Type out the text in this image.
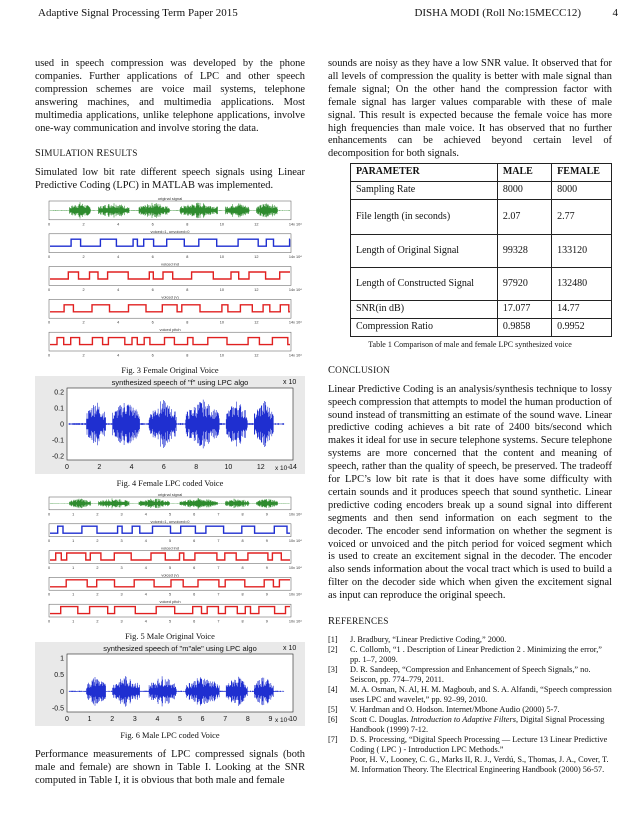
Adaptive Signal Processing Term Paper 2015	DISHA MODI (Roll No:15MECC12)	4

used in speech compression was developed by the phone companies. Further applications of LPC and other speech compression schemes are voice mail systems, telephone answering machines, and multimedia applications. Most multimedia applications, unlike telephone applications, involve one-way communication and involve storing the data.

SIMULATION RESULTS

Simulated low bit rate different speech signals using Linear Predictive Coding (LPC) in MATLAB was implemented.

original signal
0	2	4	6	8	10	12	14 x 10⁴
voiced=1, unvoiced=0
0	2	4	6	8	10	12	14 x 10⁴
voiced ind
0	2	4	6	8	10	12	14 x 10⁴
voiced (v)
0	2	4	6	8	10	12	14 x 10⁴
voiced pitch
0	2	4	6	8	10	12	14 x 10⁴
Fig. 3 Female Original Voice
synthesized speech of "f" using LPC algo	x 10
0.2
0.1
0
-0.1
-0.2
0	2	4	6	8	10	12	14
x 10⁴
Fig. 4 Female LPC coded Voice
original signal
0	1	2	3	4	5	6	7	8	9	10 x 10⁴
voiced=1, unvoiced=0
0	1	2	3	4	5	6	7	8	9	10 x 10⁴
voiced ind
0	1	2	3	4	5	6	7	8	9	10 x 10⁴
voiced (v)
0	1	2	3	4	5	6	7	8	9	10 x 10⁴
voiced pitch
0	1	2	3	4	5	6	7	8	9	10 x 10⁴
Fig. 5 Male Original Voice
synthesized speech of "m"ale" using LPC algo	x 10
1
0.5
0
-0.5
0	1	2	3	4	5	6	7	8	9 10
x 10⁴
Fig. 6 Male LPC coded Voice

Performance measurements of LPC compressed signals (both male and female) are shown in Table I. Looking at the SNR computed in Table I, it is obvious that both male and female

sounds are noisy as they have a low SNR value. It observed that for all levels of compression the quality is better with male signal than female signal; On the other hand the compression factor with female signal has larger values comparable with these of male signal. This result is expected because the female voice has more high frequencies than male voice. It has observed that no further enhancements can be achieved beyond certain level of decomposition for both signals.

PARAMETER	MALE	FEMALE
Sampling Rate	8000	8000
File length (in seconds)	2.07	2.77
Length of Original Signal	99328	133120
Length of Constructed Signal	97920	132480
SNR(in dB)	17.077	14.77
Compression Ratio	0.9858	0.9952
Table 1 Comparison of male and female LPC synthesized voice
CONCLUSION

Linear Predictive Coding is an analysis/synthesis technique to lossy speech compression that attempts to model the human production of sound instead of transmitting an estimate of the sound wave. Linear predictive coding achieves a bit rate of 2400 bits/second which makes it ideal for use in secure telephone systems. Secure telephone systems are more concerned that the content and meaning of speech, rather than the quality of speech, be preserved. The tradeoff for LPC’s low bit rate is that it does have some difficulty with certain sounds and it produces speech that sound synthetic. Linear predictive coding encoders break up a sound signal into different segments and then send information on each segment to the decoder. The encoder send information on whether the segment is voiced or unvoiced and the pitch period for voiced segment which is used to create an excitement signal in the decoder. The encoder also sends information about the vocal tract which is used to build a filter on the decoder side which when given the excitement signal as input can reproduce the original speech.

REFERENCES
[1]	J. Bradbury, “Linear Predictive Coding,” 2000.
[2]	C. Collomb, “1 . Description of Linear Prediction 2 . Minimizing the error,” pp. 1–7, 2009.
[3]	D. R. Sandeep, “Compression and Enhancement of Speech Signals,” no. Seiscon, pp. 774–779, 2011.
[4]	M. A. Osman, N. Al, H. M. Magboub, and S. A. Alfandi, “Speech compression uses LPC and wavelet,” pp. 92–99, 2010.
[5]	V. Hardman and O. Hodson. Internet/Mbone Audio (2000) 5-7.
[6]	Scott C. Douglas. Introduction to Adaptive Filters, Digital Signal Processing Handbook (1999) 7-12.
[7]	D. S. Processing, “Digital Speech Processing — Lecture 13 Linear Predictive Coding ( LPC ) - Introduction LPC Methods.”
Poor, H. V., Looney, C. G., Marks II, R. J., Verdú, S., Thomas, J. A., Cover, T. M. Information Theory. The Electrical Engineering Handbook (2000) 56-57.
